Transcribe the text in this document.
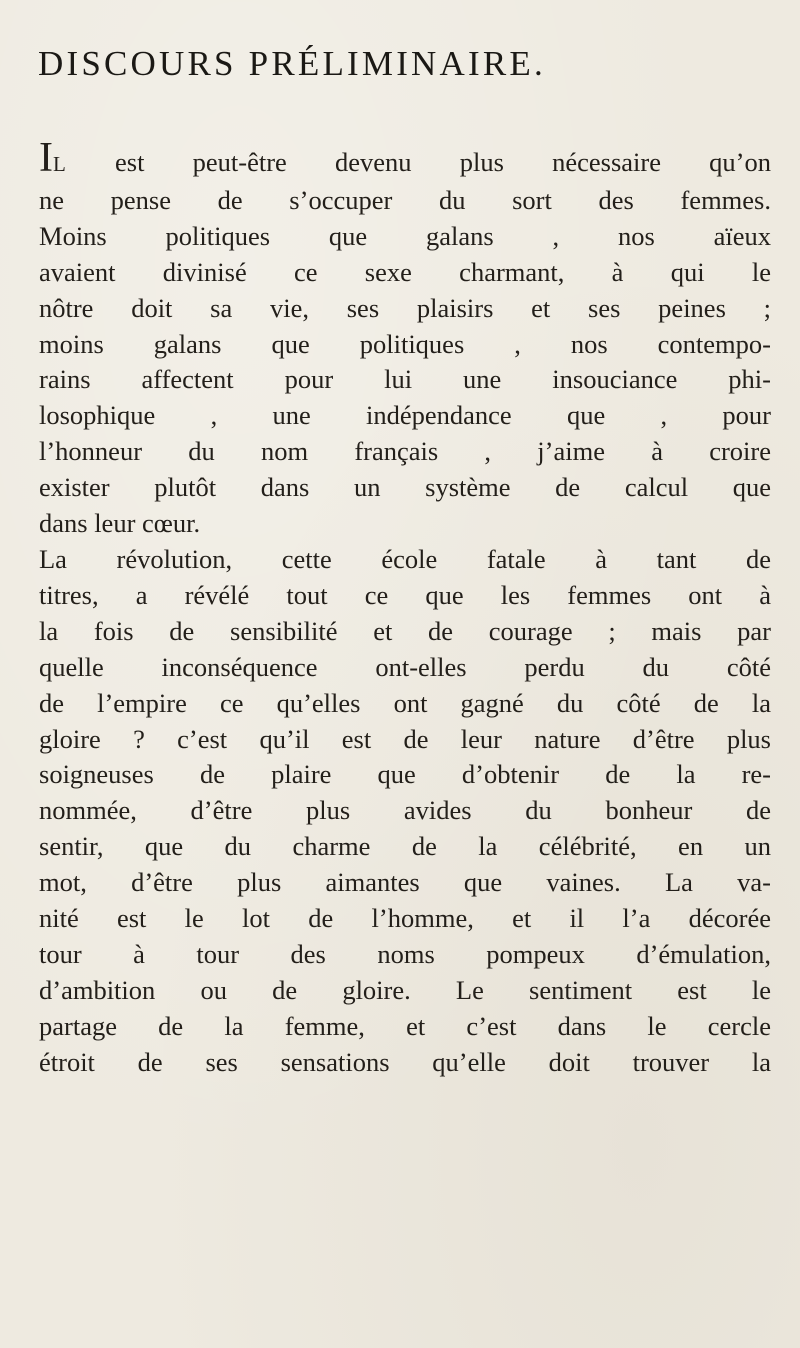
DISCOURS PRÉLIMINAIRE.
IL est peut-être devenu plus nécessaire qu’on
ne pense de s’occuper du sort des femmes.
Moins politiques que galans , nos aïeux
avaient divinisé ce sexe charmant, à qui le
nôtre doit sa vie, ses plaisirs et ses peines ;
moins galans que politiques , nos contempo-
rains affectent pour lui une insouciance phi-
losophique , une indépendance que , pour
l’honneur du nom français , j’aime à croire
exister plutôt dans un système de calcul que
dans leur cœur.
La révolution, cette école fatale à tant de
titres, a révélé tout ce que les femmes ont à
la fois de sensibilité et de courage ; mais par
quelle inconséquence ont-elles perdu du côté
de l’empire ce qu’elles ont gagné du côté de la
gloire ? c’est qu’il est de leur nature d’être plus
soigneuses de plaire que d’obtenir de la re-
nommée, d’être plus avides du bonheur de
sentir, que du charme de la célébrité, en un
mot, d’être plus aimantes que vaines. La va-
nité est le lot de l’homme, et il l’a décorée
tour à tour des noms pompeux d’émulation,
d’ambition ou de gloire. Le sentiment est le
partage de la femme, et c’est dans le cercle
étroit de ses sensations qu’elle doit trouver la
